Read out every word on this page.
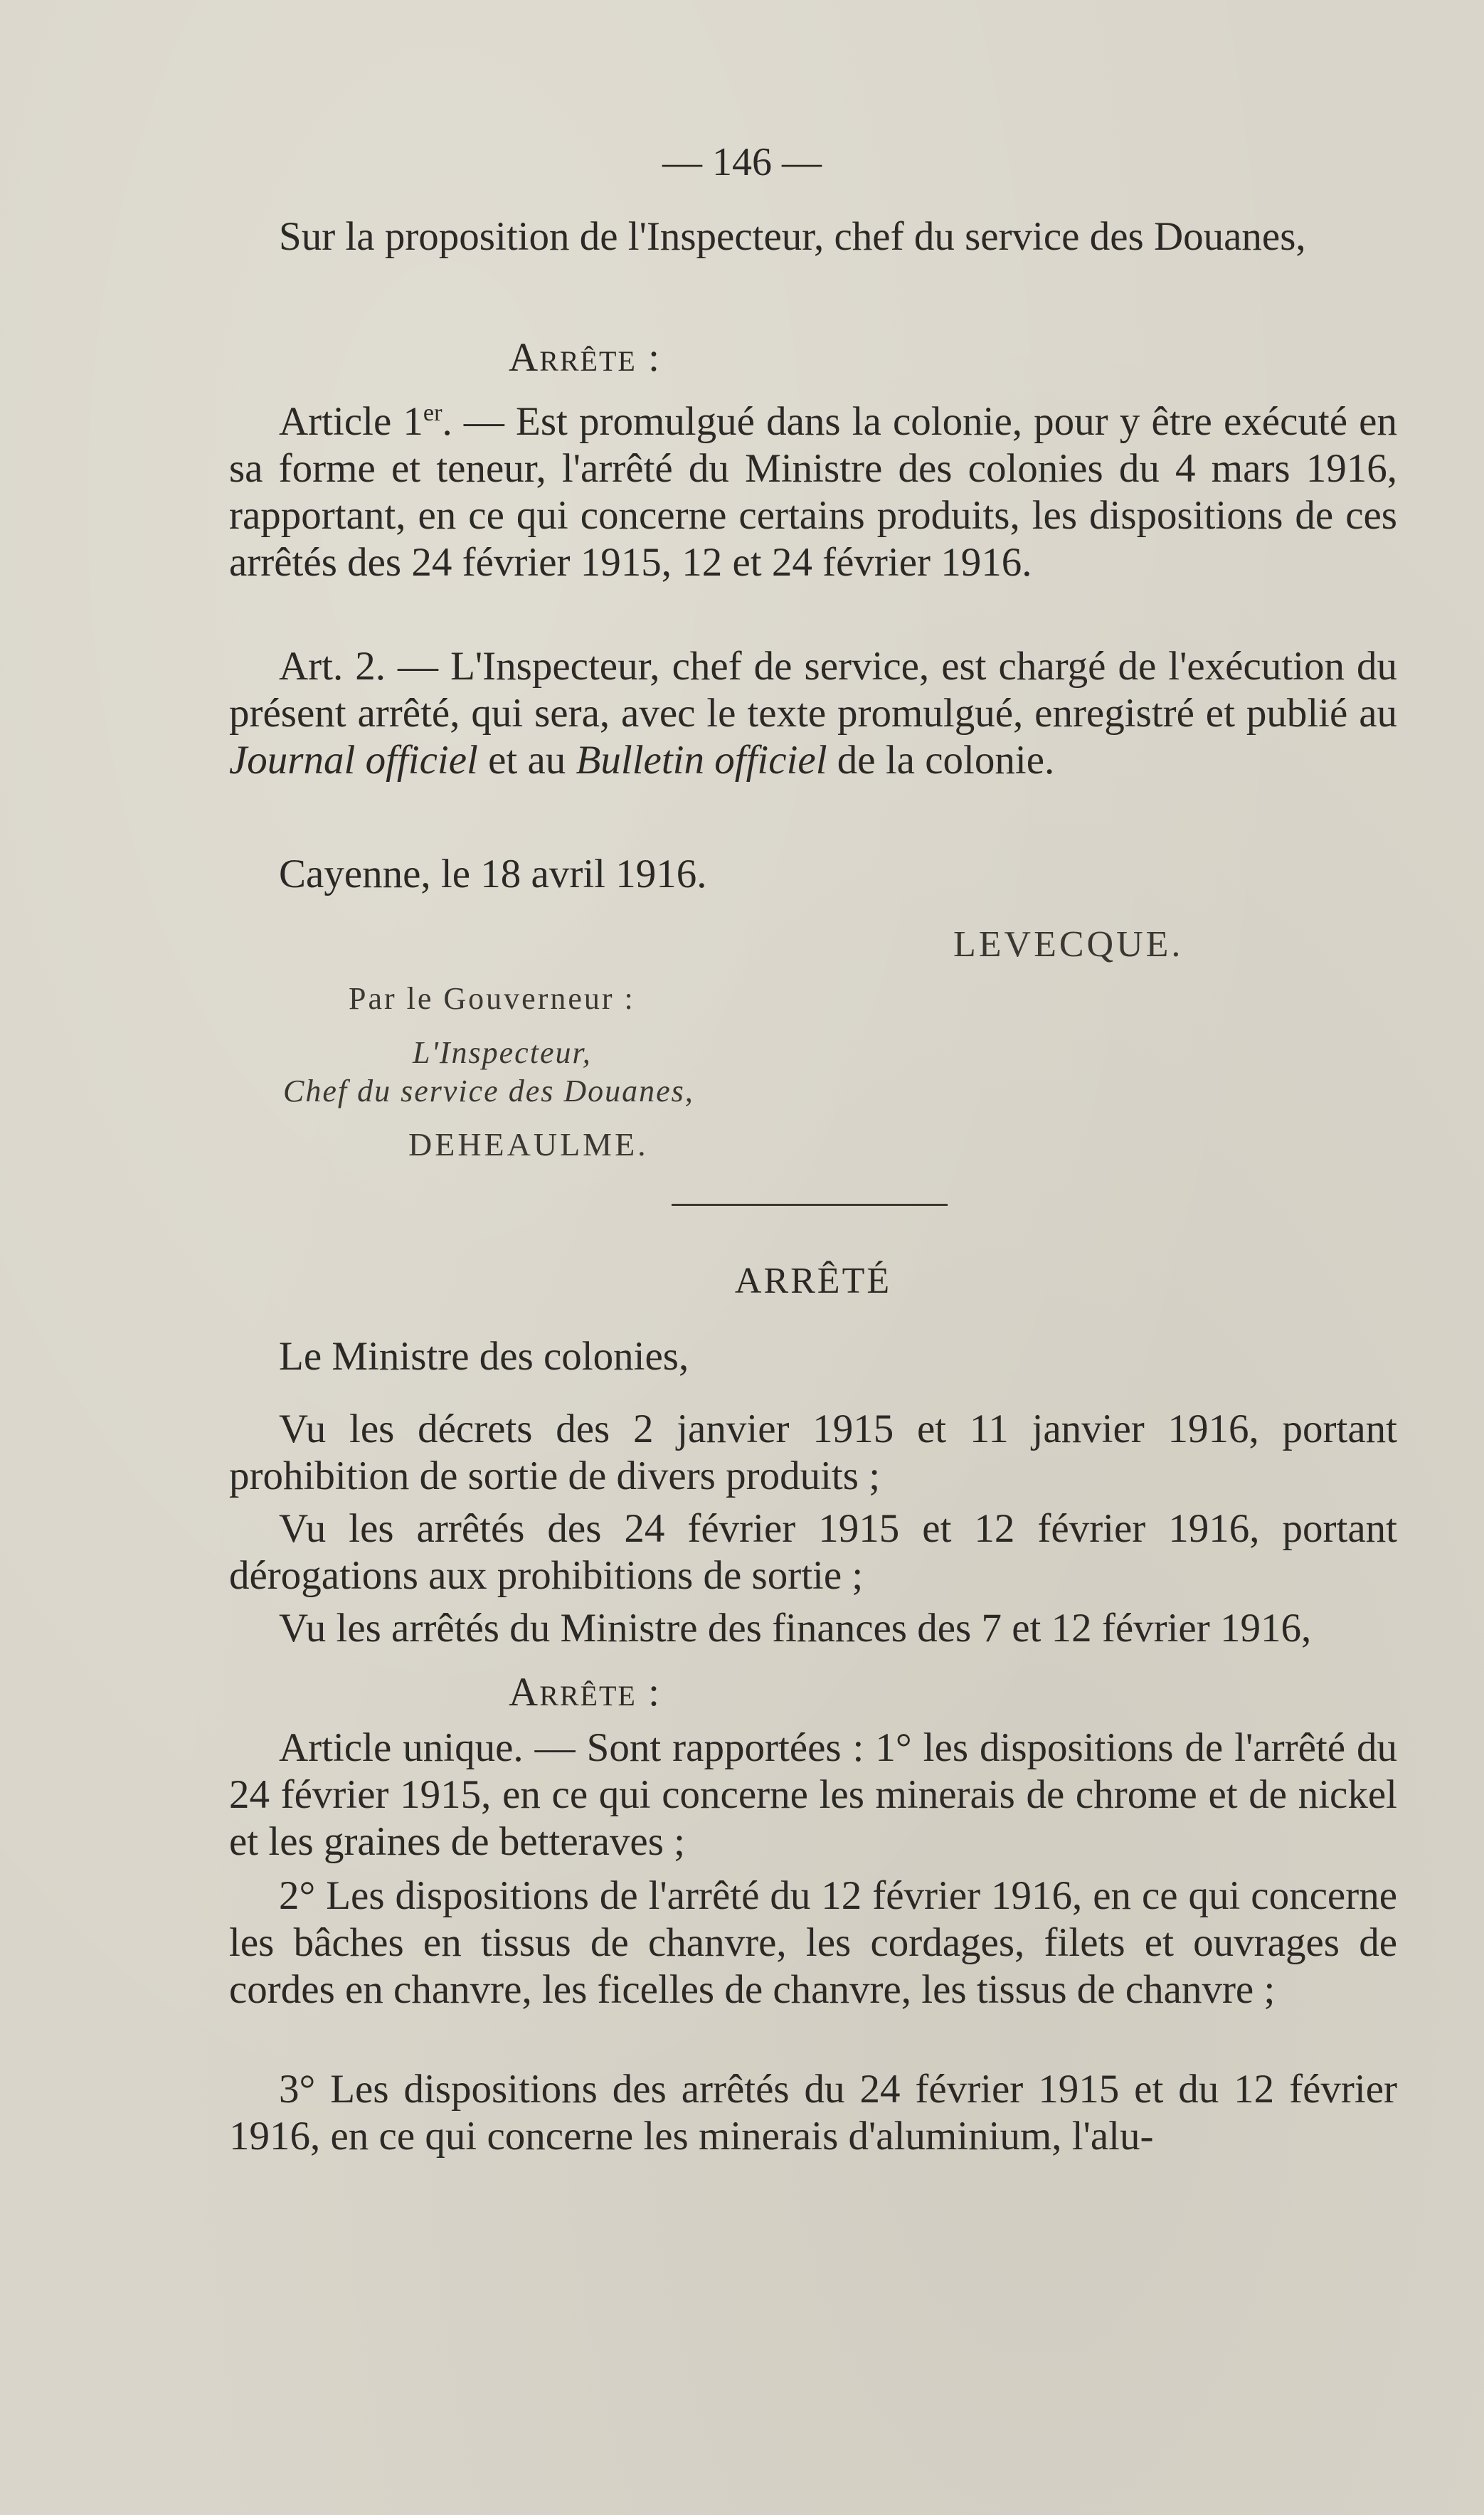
— 146 —

Sur la proposition de l'Inspecteur, chef du service des Douanes,

Arrête :

Article 1er. — Est promulgué dans la colonie, pour y être exécuté en sa forme et teneur, l'arrêté du Ministre des colonies du 4 mars 1916, rapportant, en ce qui concerne certains produits, les dispositions de ces arrêtés des 24 février 1915, 12 et 24 février 1916.

Art. 2. — L'Inspecteur, chef de service, est chargé de l'exécution du présent arrêté, qui sera, avec le texte promulgué, enregistré et publié au Journal officiel et au Bulletin officiel de la colonie.

Cayenne, le 18 avril 1916.

LEVECQUE.
Par le Gouverneur :
L'Inspecteur,
Chef du service des Douanes,
DEHEAULME.
ARRÊTÉ

Le Ministre des colonies,

Vu les décrets des 2 janvier 1915 et 11 janvier 1916, portant prohibition de sortie de divers produits ;

Vu les arrêtés des 24 février 1915 et 12 février 1916, portant dérogations aux prohibitions de sortie ;

Vu les arrêtés du Ministre des finances des 7 et 12 février 1916,

Arrête :

Article unique. — Sont rapportées : 1° les dispositions de l'arrêté du 24 février 1915, en ce qui concerne les minerais de chrome et de nickel et les graines de betteraves ;

2° Les dispositions de l'arrêté du 12 février 1916, en ce qui concerne les bâches en tissus de chanvre, les cordages, filets et ouvrages de cordes en chanvre, les ficelles de chanvre, les tissus de chanvre ;

3° Les dispositions des arrêtés du 24 février 1915 et du 12 février 1916, en ce qui concerne les minerais d'aluminium, l'alu-
